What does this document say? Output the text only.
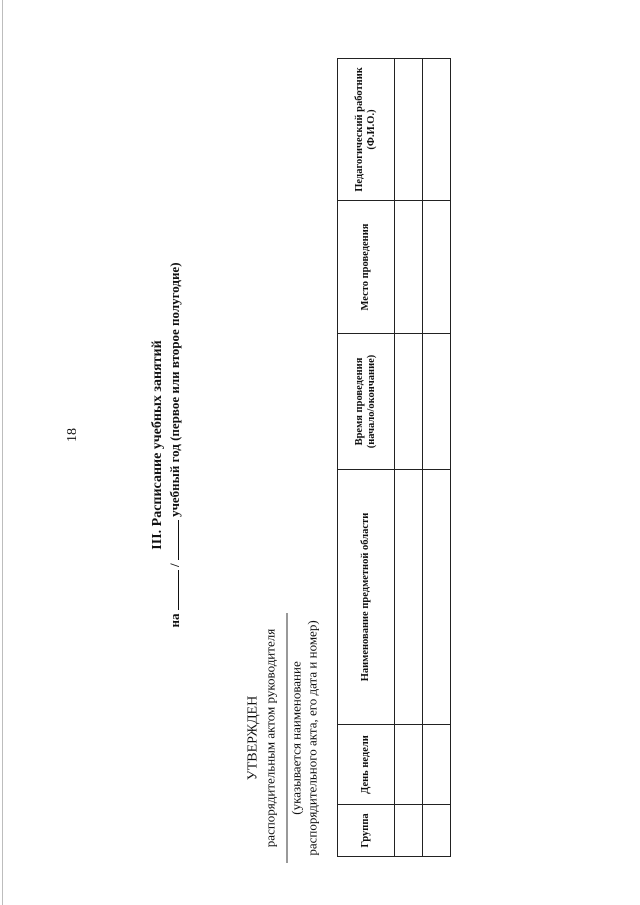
18	III. Расписание учебных занятий
на  /  учебный год (первое или второе полугодие)
УТВЕРЖДЕН распорядительным актом руководителя (указывается наименование распорядительного акта, его дата и номер)	Группа	День недели	Наименование предметной области	Время проведения (начало/окончание)	Место проведения	Педагогический работник (Ф.И.О.)
